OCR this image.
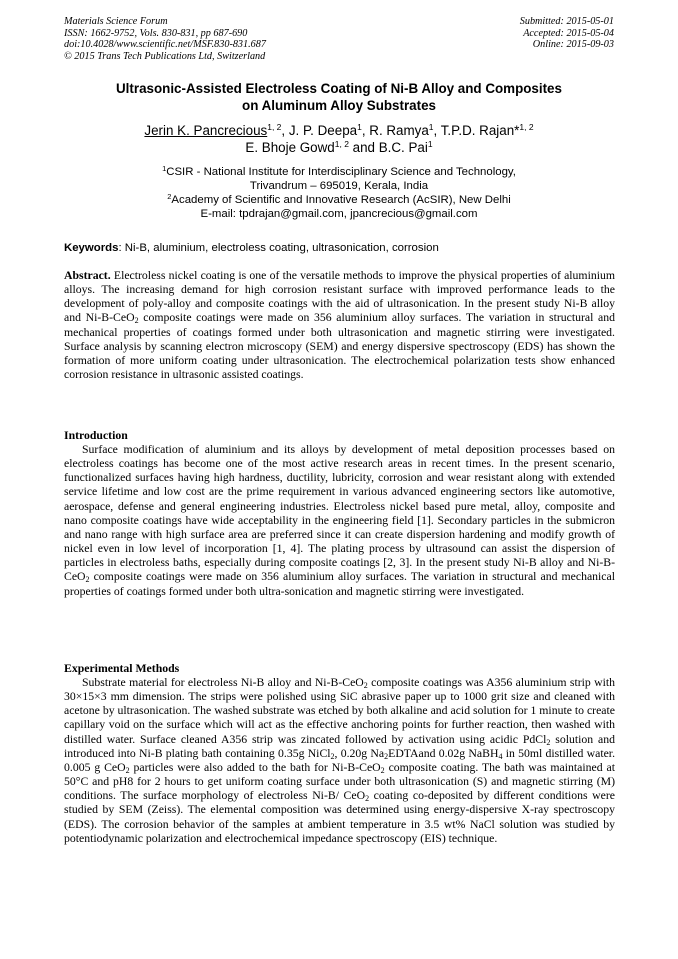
Materials Science Forum
ISSN: 1662-9752, Vols. 830-831, pp 687-690
doi:10.4028/www.scientific.net/MSF.830-831.687
© 2015 Trans Tech Publications Ltd, Switzerland
Submitted: 2015-05-01
Accepted: 2015-05-04
Online: 2015-09-03
Ultrasonic-Assisted Electroless Coating of Ni-B Alloy and Composites
on Aluminum Alloy Substrates
Jerin K. Pancrecious$^{1, 2}$, J. P. Deepa$^1$, R. Ramya$^1$, T.P.D. Rajan*$^{1, 2}$
E. Bhoje Gowd$^{1, 2}$ and B.C. Pai$^1$
$^1$CSIR - National Institute for Interdisciplinary Science and Technology,
Trivandrum – 695019, Kerala, India
$^2$Academy of Scientific and Innovative Research (AcSIR), New Delhi
E-mail: tpdrajan@gmail.com, jpancrecious@gmail.com
Keywords: Ni-B, aluminium, electroless coating, ultrasonication, corrosion

Abstract. Electroless nickel coating is one of the versatile methods to improve the physical properties of aluminium alloys. The increasing demand for high corrosion resistant surface with improved performance leads to the development of poly-alloy and composite coatings with the aid of ultrasonication. In the present study Ni-B alloy and Ni-B-CeO$_2$ composite coatings were made on 356 aluminium alloy surfaces. The variation in structural and mechanical properties of coatings formed under both ultrasonication and magnetic stirring were investigated. Surface analysis by scanning electron microscopy (SEM) and energy dispersive spectroscopy (EDS) has shown the formation of more uniform coating under ultrasonication. The electrochemical polarization tests show enhanced corrosion resistance in ultrasonic assisted coatings.

Introduction

Surface modification of aluminium and its alloys by development of metal deposition processes based on electroless coatings has become one of the most active research areas in recent times. In the present scenario, functionalized surfaces having high hardness, ductility, lubricity, corrosion and wear resistant along with extended service lifetime and low cost are the prime requirement in various advanced engineering sectors like automotive, aerospace, defense and general engineering industries. Electroless nickel based pure metal, alloy, composite and nano composite coatings have wide acceptability in the engineering field [1]. Secondary particles in the submicron and nano range with high surface area are preferred since it can create dispersion hardening and modify growth of nickel even in low level of incorporation [1, 4]. The plating process by ultrasound can assist the dispersion of particles in electroless baths, especially during composite coatings [2, 3]. In the present study Ni-B alloy and Ni-B-CeO$_2$ composite coatings were made on 356 aluminium alloy surfaces. The variation in structural and mechanical properties of coatings formed under both ultra-sonication and magnetic stirring were investigated.

Experimental Methods

Substrate material for electroless Ni-B alloy and Ni-B-CeO$_2$ composite coatings was A356 aluminium strip with 30×15×3 mm dimension. The strips were polished using SiC abrasive paper up to 1000 grit size and cleaned with acetone by ultrasonication. The washed substrate was etched by both alkaline and acid solution for 1 minute to create capillary void on the surface which will act as the effective anchoring points for further reaction, then washed with distilled water. Surface cleaned A356 strip was zincated followed by activation using acidic PdCl$_2$ solution and introduced into Ni-B plating bath containing 0.35g NiCl$_2$, 0.20g $Na_2EDTAand$ 0.02g NaBH$_4$ in 50ml distilled water. 0.005 g CeO$_2$ particles were also added to the bath for Ni-B-CeO$_2$ composite coating. The bath was maintained at 50°C and pH8 for 2 hours to get uniform coating surface under both ultrasonication (S) and magnetic stirring (M) conditions. The surface morphology of electroless Ni-B/ CeO$_2$ coating co-deposited by different conditions were studied by SEM (Zeiss). The elemental composition was determined using energy-dispersive X-ray spectroscopy (EDS). The corrosion behavior of the samples at ambient temperature in 3.5 wt% NaCl solution was studied by potentiodynamic polarization and electrochemical impedance spectroscopy (EIS) technique.
